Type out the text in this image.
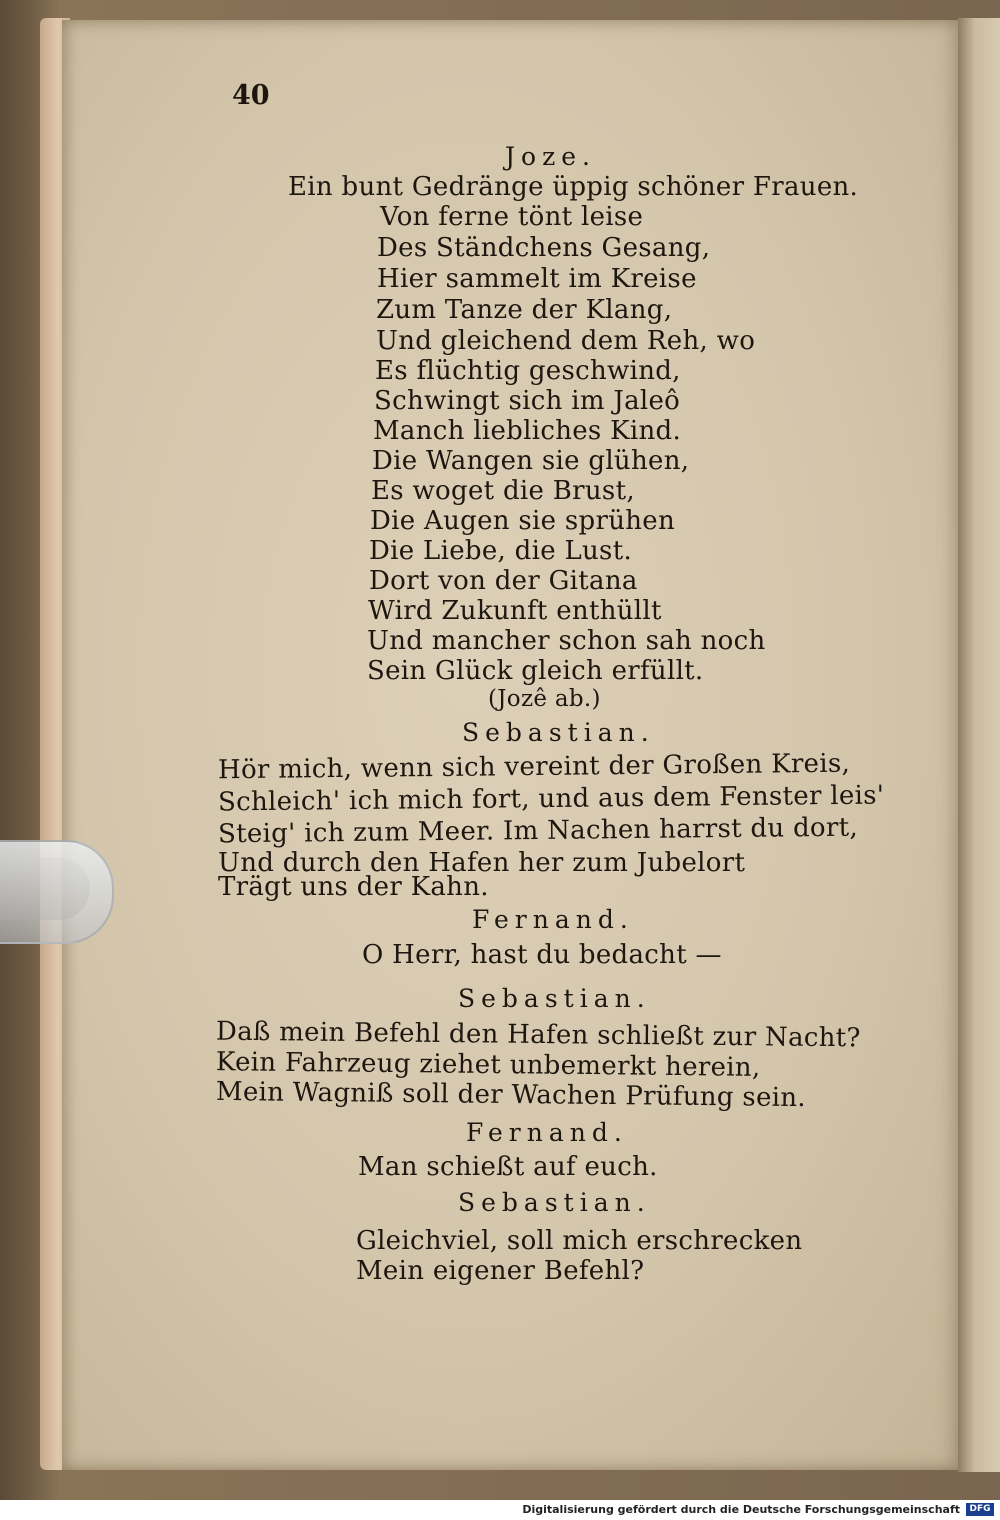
40
Joze.
Ein bunt Gedränge üppig schöner Frauen.
Von ferne tönt leise
Des Ständchens Gesang,
Hier sammelt im Kreise
Zum Tanze der Klang,
Und gleichend dem Reh, wo
Es flüchtig geschwind,
Schwingt sich im Jaleô
Manch liebliches Kind.
Die Wangen sie glühen,
Es woget die Brust,
Die Augen sie sprühen
Die Liebe, die Lust.
Dort von der Gitana
Wird Zukunft enthüllt
Und mancher schon sah noch
Sein Glück gleich erfüllt.
(Jozê ab.)
Sebastian.
Hör mich, wenn sich vereint der Großen Kreis,
Schleich' ich mich fort, und aus dem Fenster leis'
Steig' ich zum Meer. Im Nachen harrst du dort,
Und durch den Hafen her zum Jubelort
Trägt uns der Kahn.
Fernand.
O Herr, hast du bedacht —
Sebastian.
Daß mein Befehl den Hafen schließt zur Nacht?
Kein Fahrzeug ziehet unbemerkt herein,
Mein Wagniß soll der Wachen Prüfung sein.
Fernand.
Man schießt auf euch.
Sebastian.
Gleichviel, soll mich erschrecken
Mein eigener Befehl?
Digitalisierung gefördert durch die Deutsche Forschungsgemeinschaft	DFG
